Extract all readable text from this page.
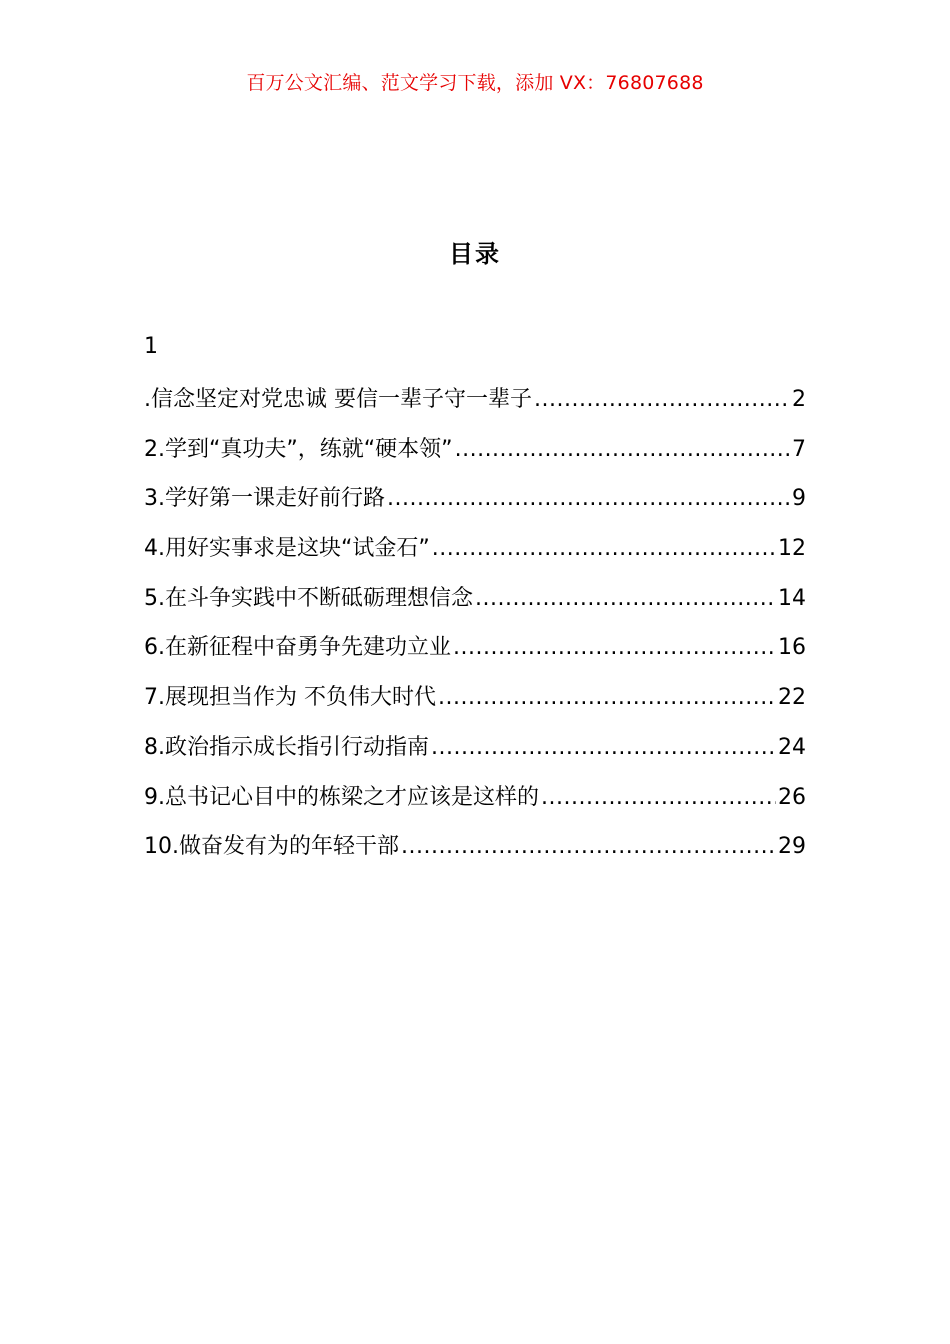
百万公文汇编、范文学习下载，添加 VX：76807688
目录
1
.信念坚定对党忠诚 要信一辈子守一辈子 .....	2
2.学到“真功夫”，练就“硬本领” .....	7
3.学好第一课走好前行路 .....	9
4.用好实事求是这块“试金石” .....	12
5.在斗争实践中不断砥砺理想信念 .....	14
6.在新征程中奋勇争先建功立业 .....	16
7.展现担当作为 不负伟大时代 .....	22
8.政治指示成长指引行动指南 .....	24
9.总书记心目中的栋梁之才应该是这样的 .....	26
10.做奋发有为的年轻干部 .....	29
